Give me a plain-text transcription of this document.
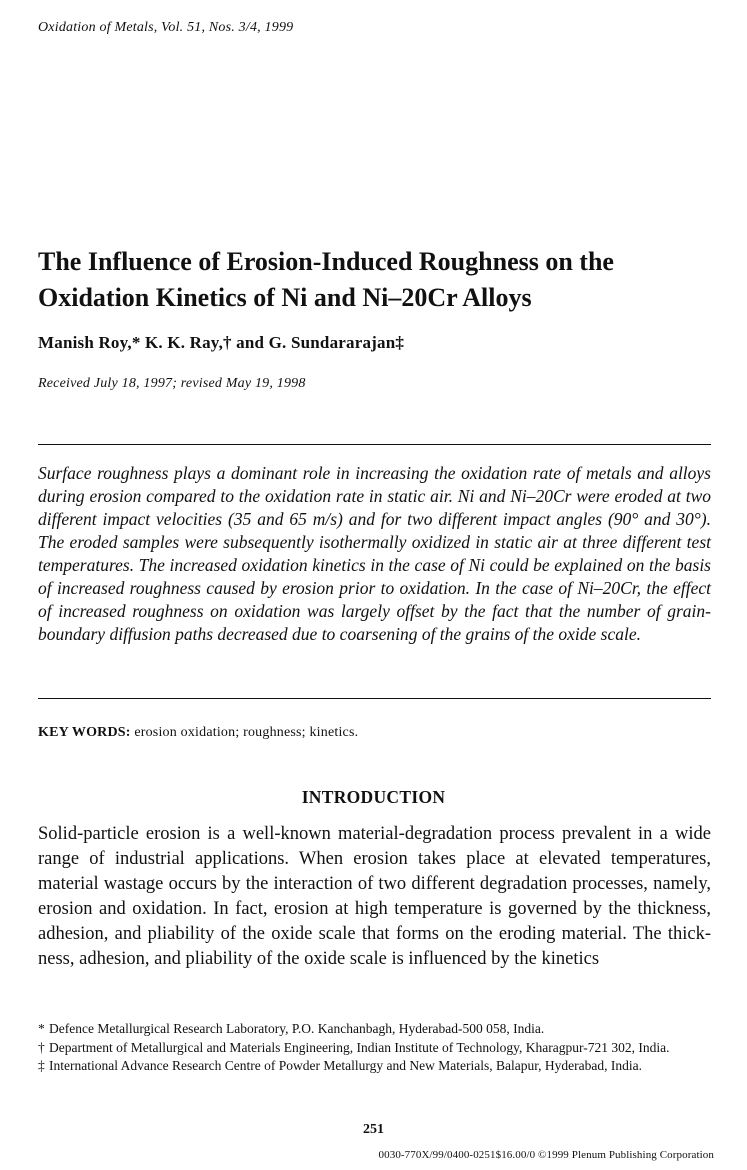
Oxidation of Metals, Vol. 51, Nos. 3/4, 1999
The Influence of Erosion-Induced Roughness on the Oxidation Kinetics of Ni and Ni–20Cr Alloys
Manish Roy,* K. K. Ray,† and G. Sundararajan‡
Received July 18, 1997; revised May 19, 1998

Surface roughness plays a dominant role in increasing the oxidation rate of metals and alloys during erosion compared to the oxidation rate in static air. Ni and Ni–20Cr were eroded at two different impact velocities (35 and 65 m/s) and for two different impact angles (90° and 30°). The eroded samples were subsequently isothermally oxidized in static air at three different test temperatures. The increased oxidation kinetics in the case of Ni could be explained on the basis of increased roughness caused by erosion prior to oxidation. In the case of Ni–20Cr, the effect of increased roughness on oxidation was largely offset by the fact that the number of grain-boundary diffusion paths decreased due to coarsening of the grains of the oxide scale.

KEY WORDS: erosion oxidation; roughness; kinetics.
INTRODUCTION

Solid-particle erosion is a well-known material-degradation process prevalent in a wide range of industrial applications. When erosion takes place at elevated temperatures, material wastage occurs by the interaction of two different degradation processes, namely, erosion and oxidation. In fact, erosion at high temperature is governed by the thickness, adhesion, and pliability of the oxide scale that forms on the eroding material. The thickness, adhesion, and pliability of the oxide scale is influenced by the kinetics

* Defence Metallurgical Research Laboratory, P.O. Kanchanbagh, Hyderabad-500 058, India.
† Department of Metallurgical and Materials Engineering, Indian Institute of Technology, Kharagpur-721 302, India.
‡ International Advance Research Centre of Powder Metallurgy and New Materials, Balapur, Hyderabad, India.
251
0030-770X/99/0400-0251$16.00/0 ©1999 Plenum Publishing Corporation
